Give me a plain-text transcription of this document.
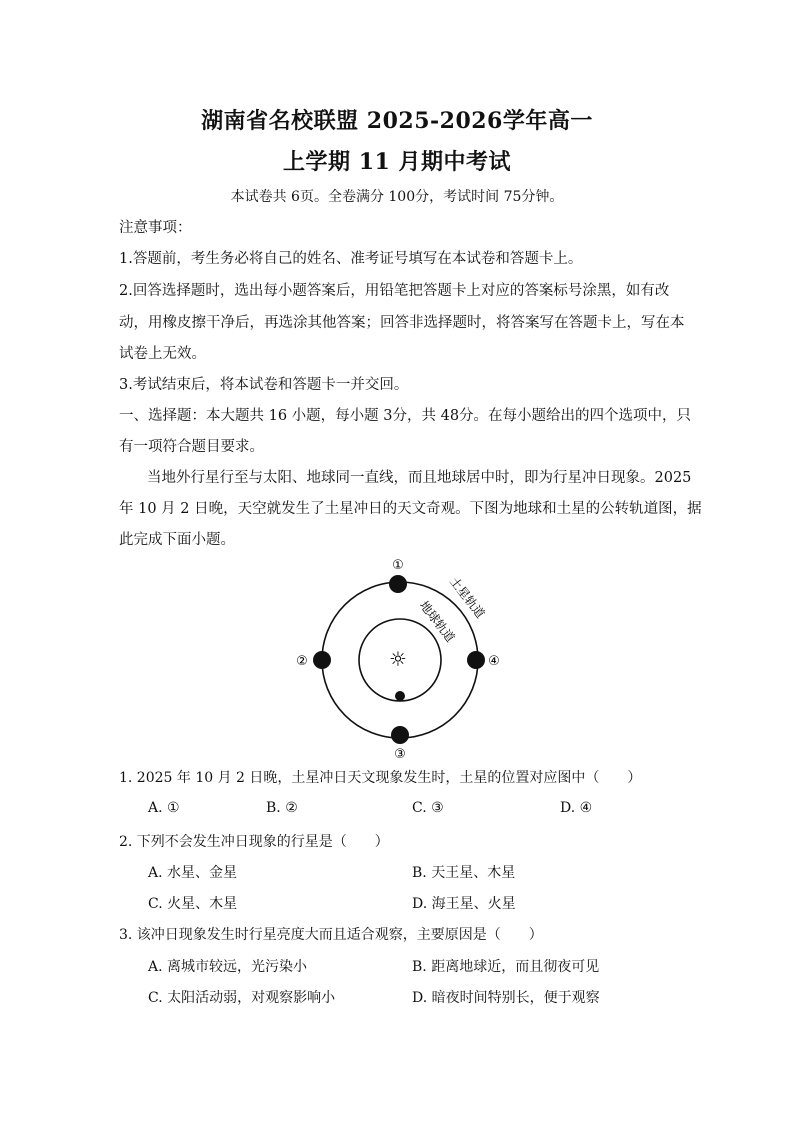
湖南省名校联盟 2025-2026学年高一
上学期 11 月期中考试
本试卷共 6页。全卷满分 100分，考试时间 75分钟。
注意事项：
1.答题前，考生务必将自己的姓名、准考证号填写在本试卷和答题卡上。
2.回答选择题时，选出每小题答案后，用铅笔把答题卡上对应的答案标号涂黑，如有改
动，用橡皮擦干净后，再选涂其他答案；回答非选择题时，将答案写在答题卡上，写在本
试卷上无效。
3.考试结束后，将本试卷和答题卡一并交回。
一、选择题：本大题共 16 小题，每小题 3分，共 48分。在每小题给出的四个选项中，只
有一项符合题目要求。
当地外行星行至与太阳、地球同一直线，而且地球居中时，即为行星冲日现象。2025
年 10 月 2 日晚，天空就发生了土星冲日的天文奇观。下图为地球和土星的公转轨道图，据
此完成下面小题。
☼
①
②
③
④
土星轨道
地球轨道
1. 2025 年 10 月 2 日晚，土星冲日天文现象发生时，土星的位置对应图中（　　）
A. ①	B. ②	C. ③	D. ④
2. 下列不会发生冲日现象的行星是（　　）
A. 水星、金星	B. 天王星、木星
C. 火星、木星	D. 海王星、火星
3. 该冲日现象发生时行星亮度大而且适合观察，主要原因是（　　）
A. 离城市较远，光污染小	B. 距离地球近，而且彻夜可见
C. 太阳活动弱，对观察影响小	D. 暗夜时间特别长，便于观察
